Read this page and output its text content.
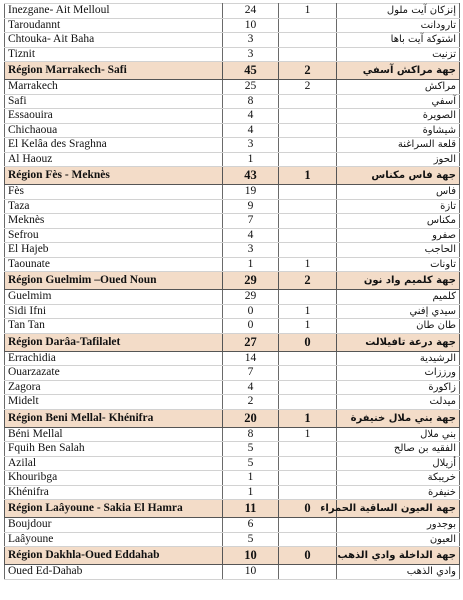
Inezgane- Ait Melloul	24	1	إنزكان آيت ملول
Taroudannt	10		تارودانت
Chtouka- Ait Baha	3		اشتوكة آيت باها
Tiznit	3		تزنيت
Région Marrakech- Safi	45	2	جهة مراكش آسفي
Marrakech	25	2	مراكش
Safi	8		آسفي
Essaouira	4		الصويرة
Chichaoua	4		شيشاوة
El Kelâa des Sraghna	3		قلعة السراغنة
Al Haouz	1		الحوز
Région Fès - Meknès	43	1	جهة فاس مكناس
Fès	19		فاس
Taza	9		تازة
Meknès	7		مكناس
Sefrou	4		صفرو
El Hajeb	3		الحاجب
Taounate	1	1	تاونات
Région Guelmim –Oued Noun	29	2	جهة كلميم واد نون
Guelmim	29		كلميم
Sidi Ifni	0	1	سيدي إفني
Tan Tan	0	1	طان طان
Région Darâa-Tafilalet	27	0	جهة درعة تافيلالت
Errachidia	14		الرشيدية
Ouarzazate	7		ورززات
Zagora	4		زاكورة
Midelt	2		ميدلت
Région Beni Mellal- Khénifra	20	1	جهة بني ملال خنيفرة
Béni Mellal	8	1	بني ملال
Fquih Ben Salah	5		الفقيه بن صالح
Azilal	5		أزيلال
Khouribga	1		خريبكة
Khénifra	1		خنيفرة
Région Laâyoune - Sakia El Hamra	11	0	جهة العيون الساقية الحمراء
Boujdour	6		بوجدور
Laâyoune	5		العيون
Région Dakhla-Oued Eddahab	10	0	جهة الداخلة وادي الذهب
Oued Ed-Dahab	10		وادي الذهب
